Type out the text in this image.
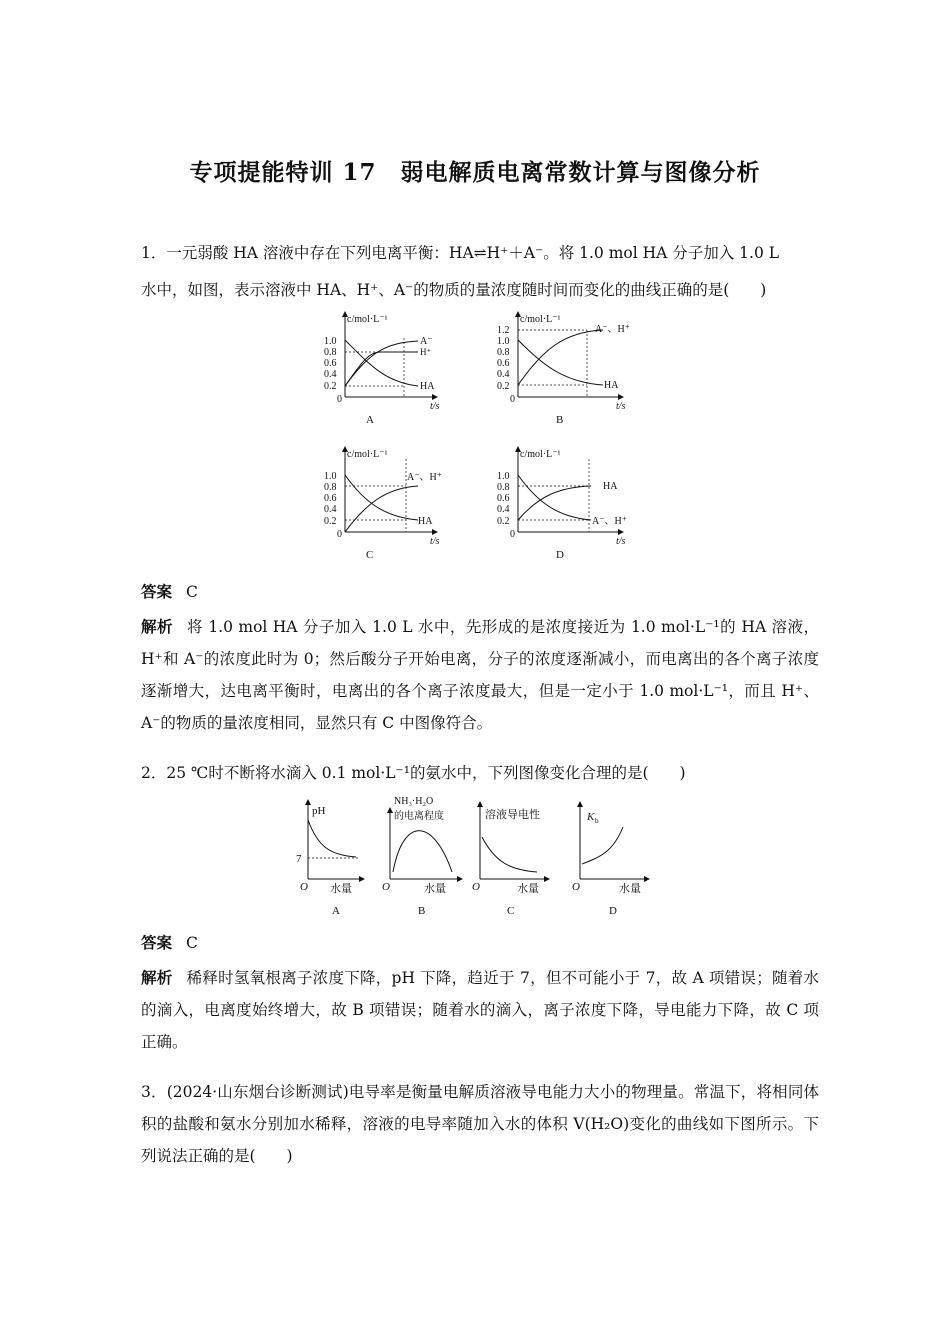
专项提能特训 17　弱电解质电离常数计算与图像分析
1．一元弱酸 HA 溶液中存在下列电离平衡：HA⇌H⁺＋A⁻。将 1.0 mol HA 分子加入 1.0 L
水中，如图，表示溶液中 HA、H⁺、A⁻的物质的量浓度随时间而变化的曲线正确的是(　　)
c/mol·L⁻¹
t/s
0
1.0
0.8
0.6
0.4
0.2
A⁻
H⁺
HA
A
c/mol·L⁻¹
t/s
0
1.2
1.0
0.8
0.6
0.4
0.2
A⁻、H⁺
HA
B
c/mol·L⁻¹
t/s
0
1.0
0.8
0.6
0.4
0.2
A⁻、H⁺
HA
C
c/mol·L⁻¹
t/s
0
1.0
0.8
0.6
0.4
0.2
HA
A⁻、H⁺
D
答案 C
解析 将 1.0 mol HA 分子加入 1.0 L 水中，先形成的是浓度接近为 1.0 mol·L⁻¹的 HA 溶液，H⁺和 A⁻的浓度此时为 0；然后酸分子开始电离，分子的浓度逐渐减小，而电离出的各个离子浓度逐渐增大，达电离平衡时，电离出的各个离子浓度最大，但是一定小于 1.0 mol·L⁻¹，而且 H⁺、A⁻的物质的量浓度相同，显然只有 C 中图像符合。
2．25 ℃时不断将水滴入 0.1 mol·L⁻¹的氨水中，下列图像变化合理的是(　　)
pH
7
O 水量
A
NH₃·H₂O
的电离程度
O	水量
B
溶液导电性
O	水量
C
K b
O	水量
D
答案 C
解析 稀释时氢氧根离子浓度下降，pH 下降，趋近于 7，但不可能小于 7，故 A 项错误；随着水的滴入，电离度始终增大，故 B 项错误；随着水的滴入，离子浓度下降，导电能力下降，故 C 项正确。
3．(2024·山东烟台诊断测试)电导率是衡量电解质溶液导电能力大小的物理量。常温下，将相同体积的盐酸和氨水分别加水稀释，溶液的电导率随加入水的体积 V(H₂O)变化的曲线如下图所示。下列说法正确的是(　　)
